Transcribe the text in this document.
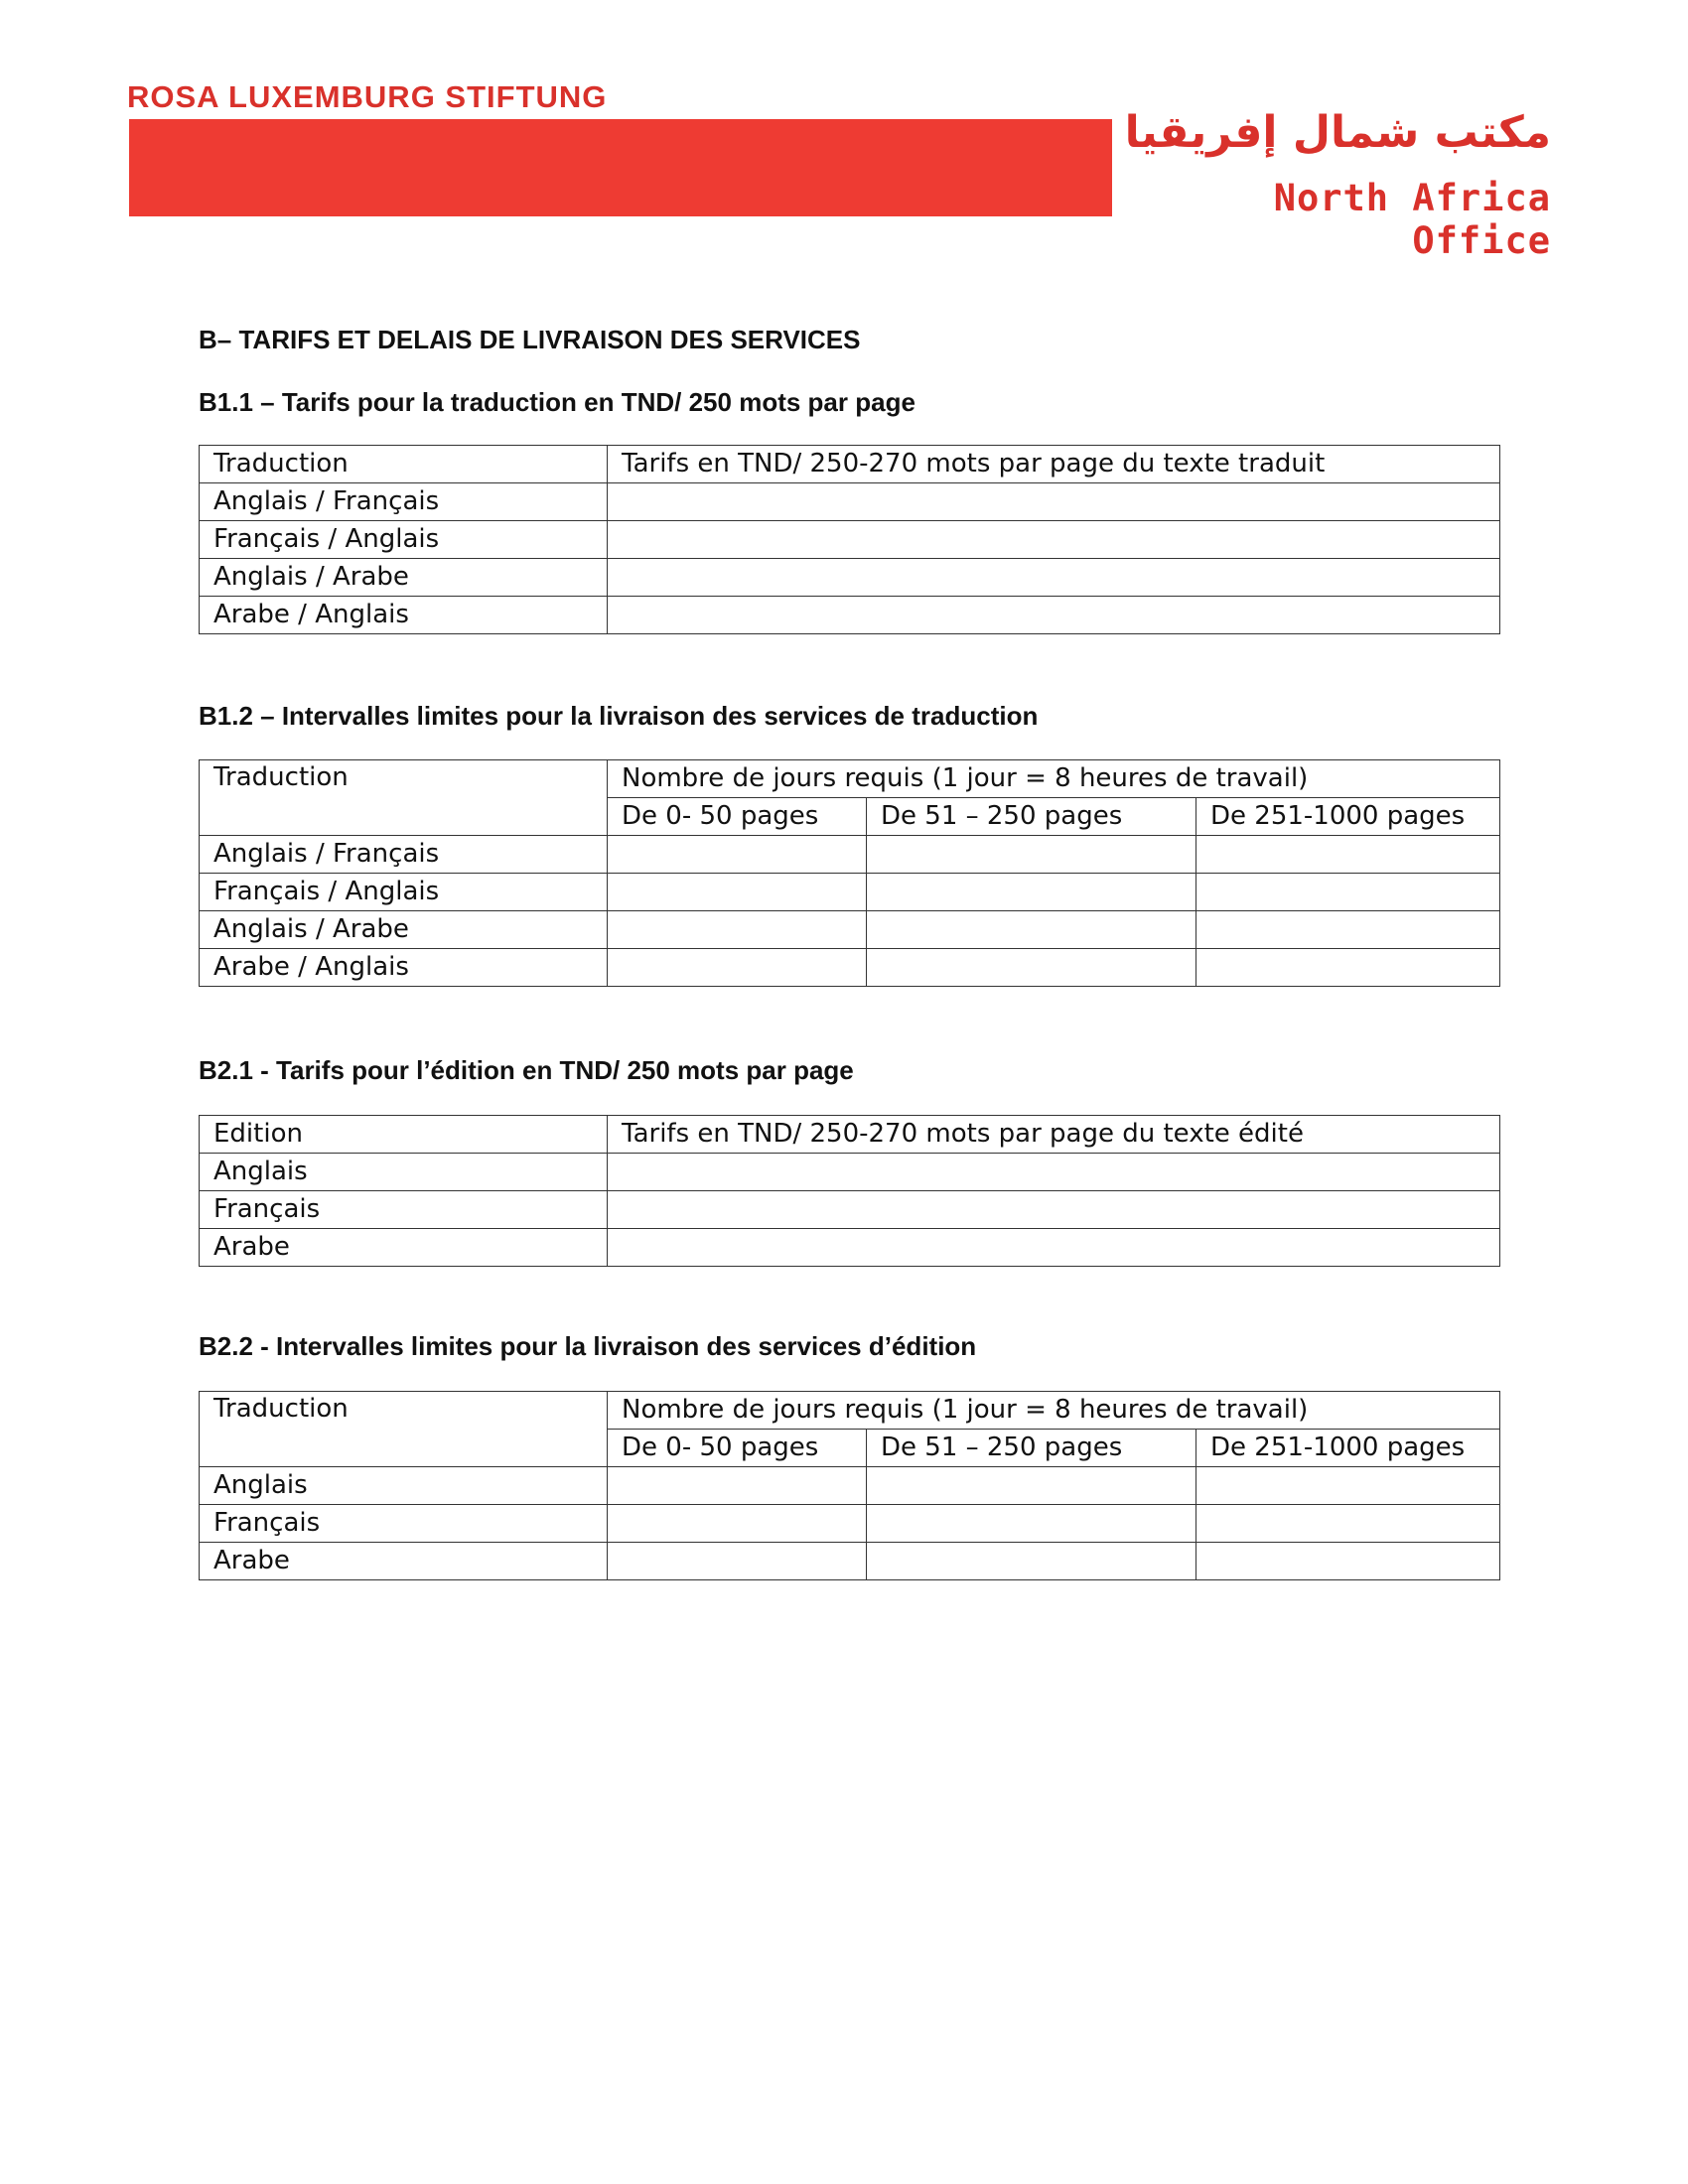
ROSA LUXEMBURG STIFTUNG

مكتب شمال إفريقيا

North Africa Office

B– TARIFS ET DELAIS DE LIVRAISON DES SERVICES
B1.1 – Tarifs pour la traduction en TND/ 250 mots par page
Traduction	Tarifs en TND/ 250-270 mots par page du texte traduit
Anglais / Français	
Français / Anglais	
Anglais / Arabe	
Arabe / Anglais	
B1.2 – Intervalles limites pour la livraison des services de traduction
Traduction	Nombre de jours requis (1 jour = 8 heures de travail)		
	De 0- 50 pages	De 51 – 250 pages	De 251-1000 pages
Anglais / Français			
Français / Anglais			
Anglais / Arabe			
Arabe / Anglais			
B2.1 - Tarifs pour l’édition en TND/ 250 mots par page
Edition	Tarifs en TND/ 250-270 mots par page du texte édité
Anglais	
Français	
Arabe	
B2.2 - Intervalles limites pour la livraison des services d’édition
Traduction	Nombre de jours requis (1 jour = 8 heures de travail)		
	De 0- 50 pages	De 51 – 250 pages	De 251-1000 pages
Anglais			
Français			
Arabe			
